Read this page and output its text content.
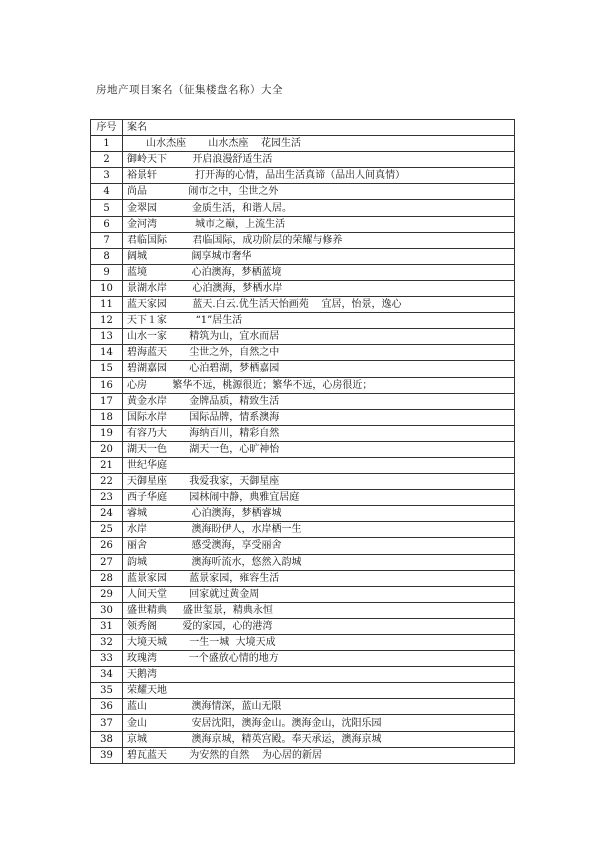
房地产项目案名（征集楼盘名称）大全
序号	案名
1	山水杰座       山水杰座    花园生活
2	御岭天下        开启浪漫舒适生活
3	裕景轩            打开海的心情，品出生活真谛（品出人间真情）
4	尚品             闹市之中，尘世之外
5	金翠园           金质生活，和谐人居。
6	金河湾            城市之巅，上流生活
7	君临国际        君临国际，成功阶层的荣耀与修养
8	阔城              阔享城市奢华
9	蓝境              心泊澳海，梦栖蓝境
10	景湖水岸        心泊澳海，梦栖水岸
11	蓝天家园        蓝天.白云.优生活天怡画苑    宜居，怡景，逸心
12	天下１家         “1”居生活
13	山水一家       精筑为山，宜水而居
14	碧海蓝天       尘世之外，自然之中
15	碧湖嘉园       心泊碧湖，梦栖嘉园
16	心房        繁华不远，桃源很近；繁华不远，心房很近；
17	黄金水岸       金牌品质，精致生活
18	国际水岸       国际品牌，情系澳海
19	有容乃大       海纳百川，精彩自然
20	湖天一色       湖天一色，心旷神怡
21	世纪华庭
22	天御星座       我爱我家，天御星座
23	西子华庭       园林闹中静，典雅宜居庭
24	睿城              心泊澳海，梦栖睿城
25	水岸              澳海盼伊人，水岸栖一生
26	丽舍              感受澳海，享受丽舍
27	韵城              澳海听流水，悠然入韵城
28	蓝景家园       蓝景家园，雍容生活
29	人间天堂       回家就过黄金周
30	盛世精典     盛世玺景，精典永恒
31	领秀阁        爱的家园，心的港湾
32	大境天城       一生一城  大境天成
33	玫瑰湾          一个盛放心情的地方
34	天鹅湾
35	荣耀天地
36	蓝山              澳海情深，蓝山无限
37	金山              安居沈阳，澳海金山。澳海金山，沈阳乐园
38	京城              澳海京城，精英宫殿。奉天承运，澳海京城
39	碧瓦蓝天       为安然的自然    为心居的新居
